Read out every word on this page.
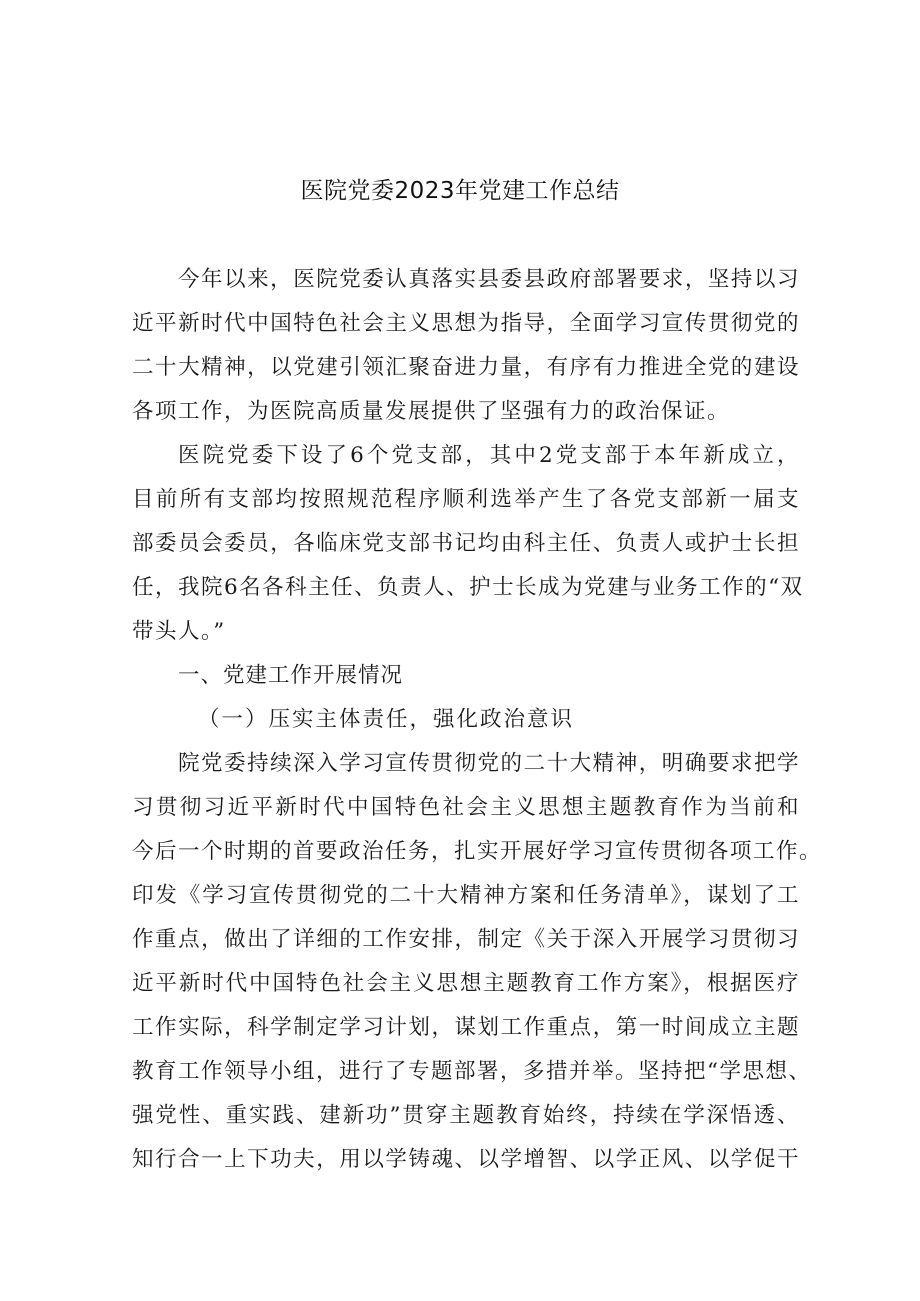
医院党委2023年党建工作总结
今年以来，医院党委认真落实县委县政府部署要求，坚持以习
近平新时代中国特色社会主义思想为指导，全面学习宣传贯彻党的
二十大精神，以党建引领汇聚奋进力量，有序有力推进全党的建设
各项工作，为医院高质量发展提供了坚强有力的政治保证。
医院党委下设了6个党支部，其中2党支部于本年新成立，
目前所有支部均按照规范程序顺利选举产生了各党支部新一届支
部委员会委员，各临床党支部书记均由科主任、负责人或护士长担
任，我院6名各科主任、负责人、护士长成为党建与业务工作的“双
带头人。”
一、党建工作开展情况
（一）压实主体责任，强化政治意识
院党委持续深入学习宣传贯彻党的二十大精神，明确要求把学
习贯彻习近平新时代中国特色社会主义思想主题教育作为当前和
今后一个时期的首要政治任务，扎实开展好学习宣传贯彻各项工作。
印发《学习宣传贯彻党的二十大精神方案和任务清单》，谋划了工
作重点，做出了详细的工作安排，制定《关于深入开展学习贯彻习
近平新时代中国特色社会主义思想主题教育工作方案》，根据医疗
工作实际，科学制定学习计划，谋划工作重点，第一时间成立主题
教育工作领导小组，进行了专题部署，多措并举。坚持把“学思想、
强党性、重实践、建新功”贯穿主题教育始终，持续在学深悟透、
知行合一上下功夫，用以学铸魂、以学增智、以学正风、以学促干
